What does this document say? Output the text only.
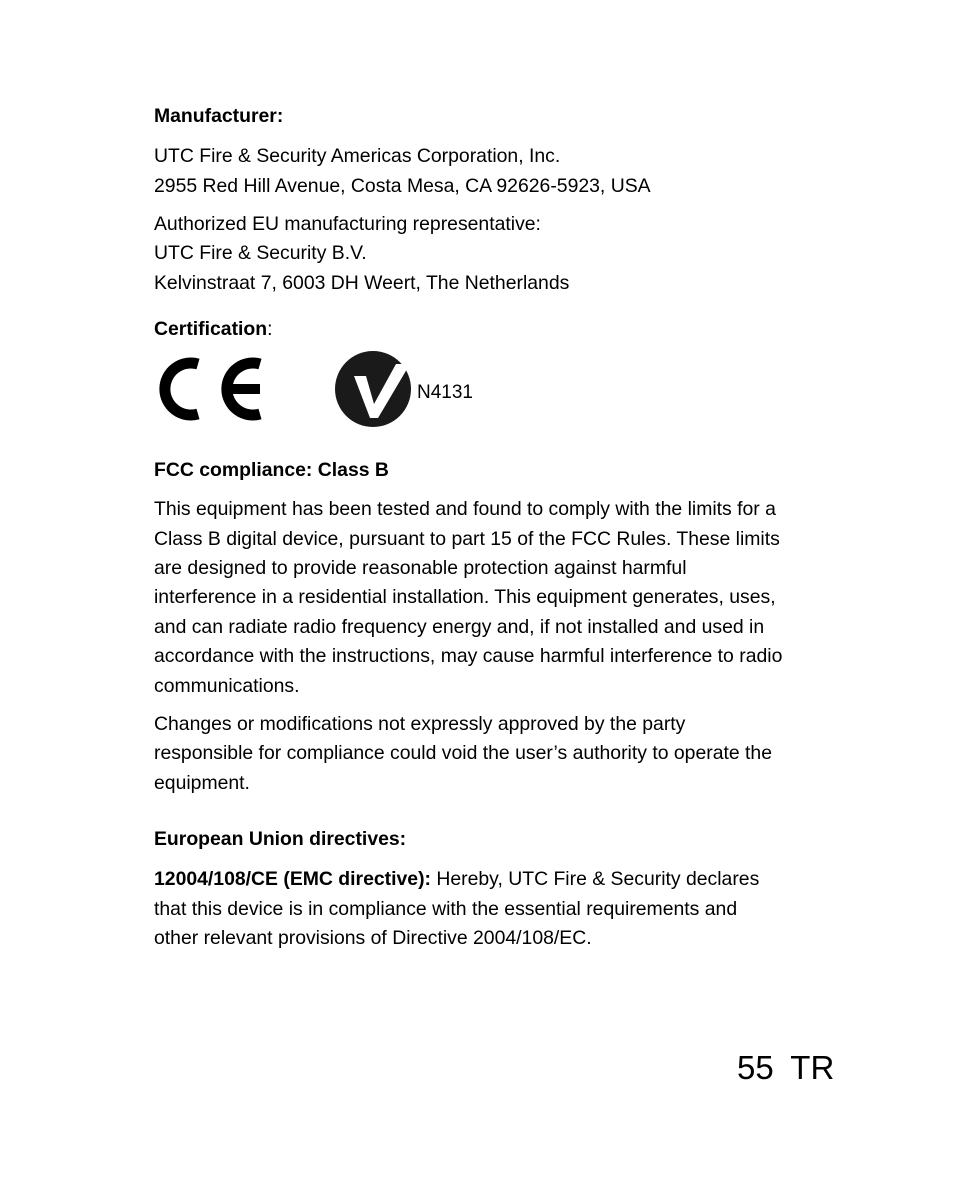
Manufacturer:
UTC Fire & Security Americas Corporation, Inc.
2955 Red Hill Avenue, Costa Mesa, CA 92626-5923, USA
Authorized EU manufacturing representative:
UTC Fire & Security B.V.
Kelvinstraat 7, 6003 DH Weert, The Netherlands
Certification:
N4131
FCC compliance: Class B
This equipment has been tested and found to comply with the limits for a
Class B digital device, pursuant to part 15 of the FCC Rules. These limits
are designed to provide reasonable protection against harmful
interference in a residential installation. This equipment generates, uses,
and can radiate radio frequency energy and, if not installed and used in
accordance with the instructions, may cause harmful interference to radio
communications.
Changes or modifications not expressly approved by the party
responsible for compliance could void the user’s authority to operate the
equipment.
European Union directives:
12004/108/CE (EMC directive): Hereby, UTC Fire & Security declares
that this device is in compliance with the essential requirements and
other relevant provisions of Directive 2004/108/EC.
55 TR
